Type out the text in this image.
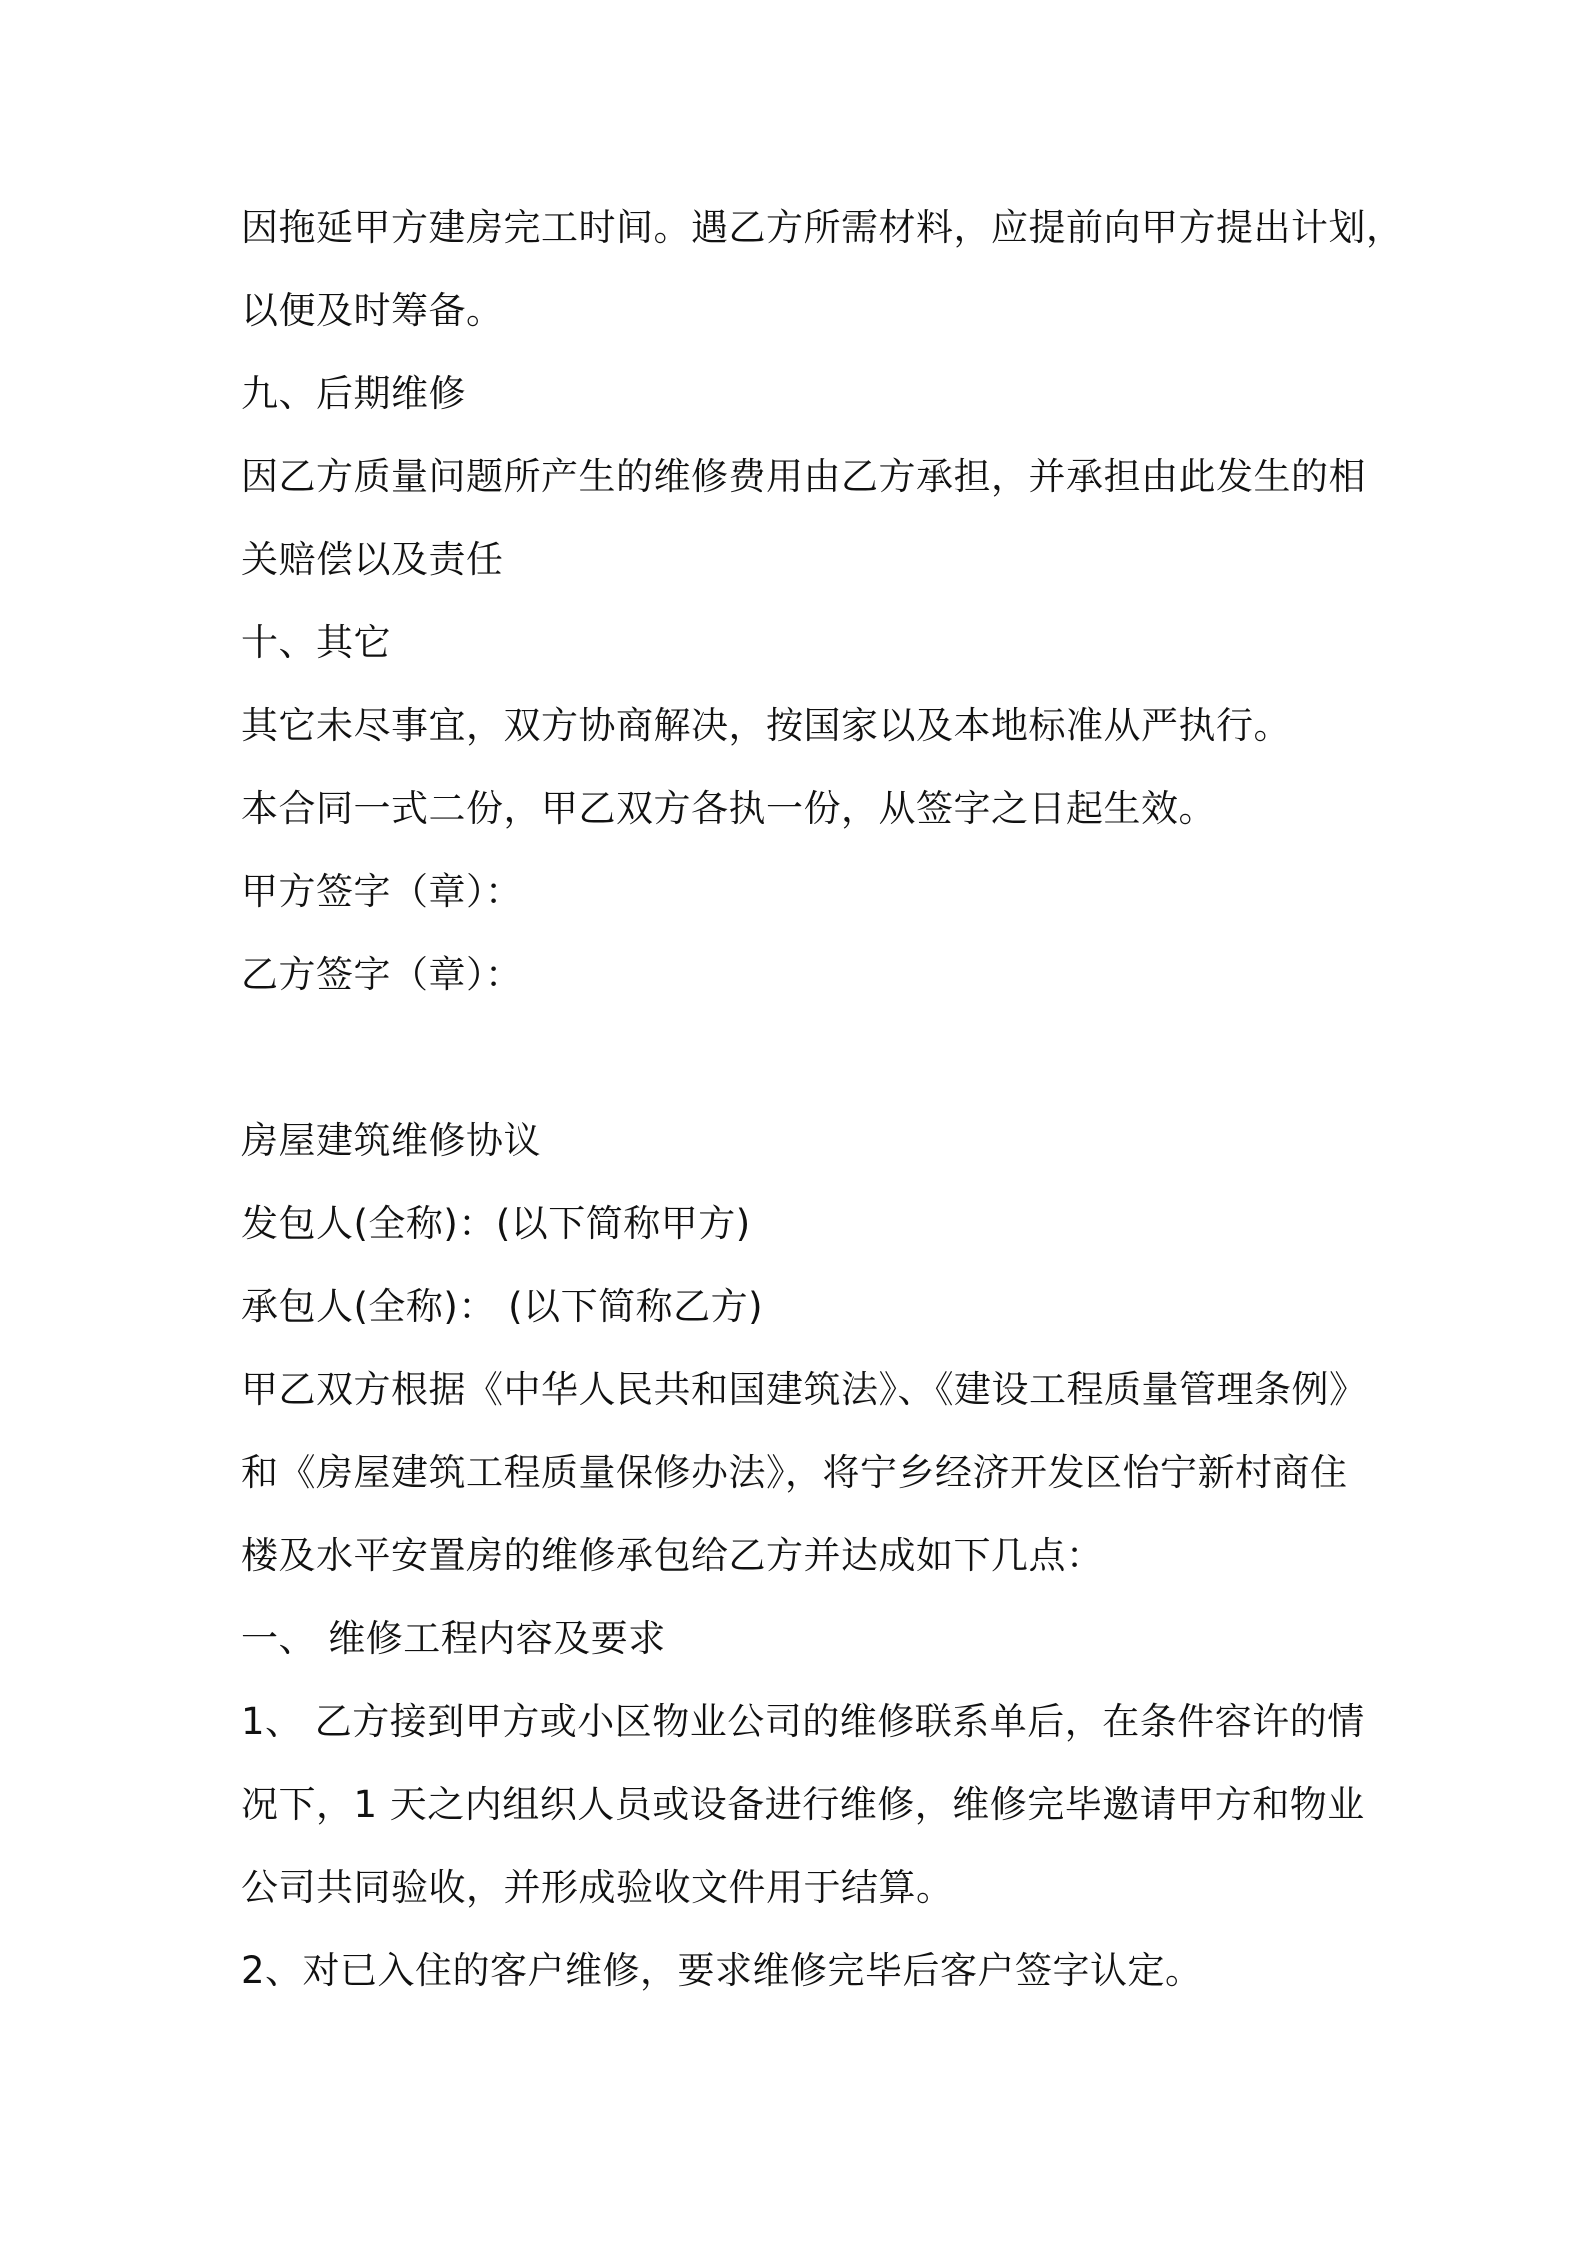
因拖延甲方建房完工时间。遇乙方所需材料，应提前向甲方提出计划，
以便及时筹备。
九、后期维修
因乙方质量问题所产生的维修费用由乙方承担，并承担由此发生的相
关赔偿以及责任
十、其它
其它未尽事宜，双方协商解决，按国家以及本地标准从严执行。
本合同一式二份，甲乙双方各执一份，从签字之日起生效。
甲方签字（章）：
乙方签字（章）：
房屋建筑维修协议
发包人(全称)：(以下简称甲方)
承包人(全称)： (以下简称乙方)
甲乙双方根据《中华人民共和国建筑法》、《建设工程质量管理条例》
和《房屋建筑工程质量保修办法》，将宁乡经济开发区怡宁新村商住
楼及水平安置房的维修承包给乙方并达成如下几点：
一、 维修工程内容及要求
1、 乙方接到甲方或小区物业公司的维修联系单后，在条件容许的情
况下，1 天之内组织人员或设备进行维修，维修完毕邀请甲方和物业
公司共同验收，并形成验收文件用于结算。
2、对已入住的客户维修，要求维修完毕后客户签字认定。
